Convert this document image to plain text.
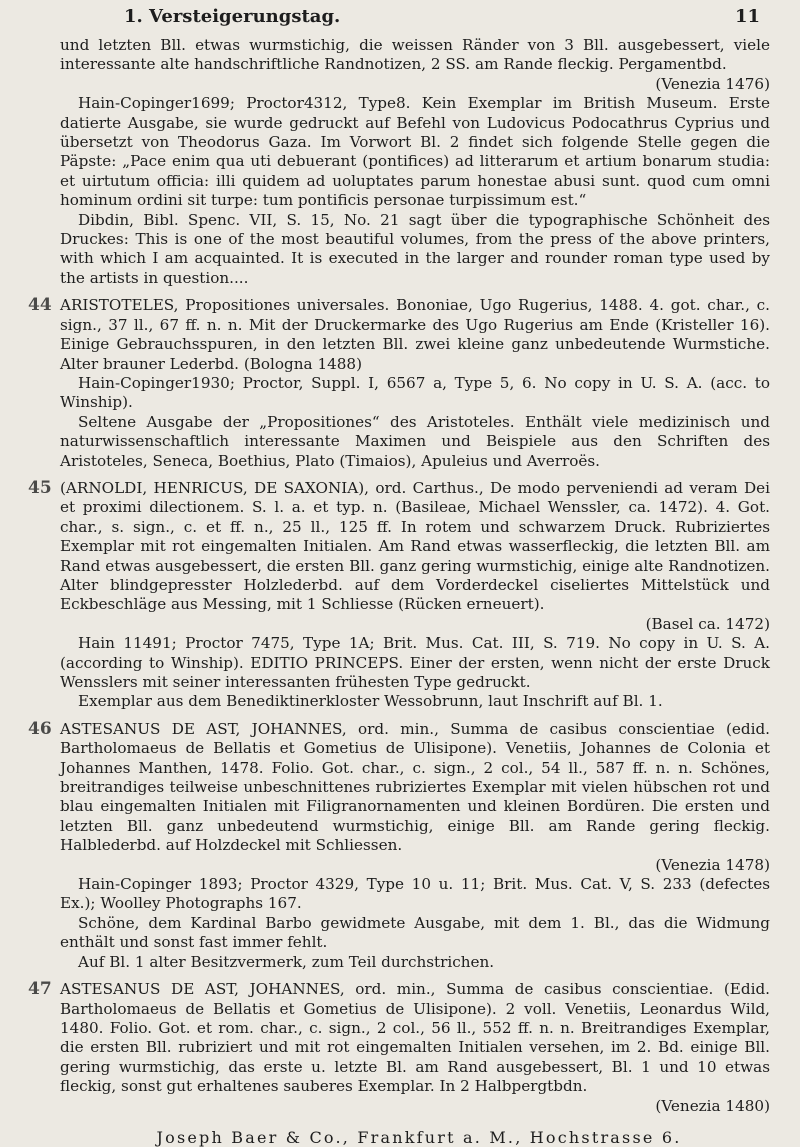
1. Versteigerungstag.	11

und letzten Bll. etwas wurmstichig, die weissen Ränder von 3 Bll. ausgebessert, viele interessante alte handschriftliche Randnotizen, 2 SS. am Rande fleckig. Pergamentbd.

(Venezia 1476)

Hain-Copinger1699; Proctor4312, Type8. Kein Exemplar im British Museum. Erste datierte Ausgabe, sie wurde gedruckt auf Befehl von Ludovicus Podocathrus Cyprius und übersetzt von Theodorus Gaza. Im Vorwort Bl. 2 findet sich folgende Stelle gegen die Päpste: „Pace enim qua uti debuerant (pontifices) ad litterarum et artium bonarum studia: et uirtutum officia: illi quidem ad uoluptates parum honestae abusi sunt. quod cum omni hominum ordini sit turpe: tum pontificis personae turpissimum est.“

Dibdin, Bibl. Spenc. VII, S. 15, No. 21 sagt über die typographische Schönheit des Druckes: This is one of the most beautiful volumes, from the press of the above printers, with which I am acquainted. It is executed in the larger and rounder roman type used by the artists in question....

44 ARISTOTELES, Propositiones universales. Bononiae, Ugo Rugerius, 1488. 4. got. char., c. sign., 37 ll., 67 ff. n. n. Mit der Druckermarke des Ugo Rugerius am Ende (Kristeller 16). Einige Gebrauchsspuren, in den letzten Bll. zwei kleine ganz unbedeutende Wurmstiche. Alter brauner Lederbd. (Bologna 1488)

Hain-Copinger1930; Proctor, Suppl. I, 6567 a, Type 5, 6. No copy in U. S. A. (acc. to Winship).

Seltene Ausgabe der „Propositiones“ des Aristoteles. Enthält viele medizinisch und naturwissenschaftlich interessante Maximen und Beispiele aus den Schriften des Aristoteles, Seneca, Boethius, Plato (Timaios), Apuleius und Averroës.

45 (ARNOLDI, HENRICUS, DE SAXONIA), ord. Carthus., De modo perveniendi ad veram Dei et proximi dilectionem. S. l. a. et typ. n. (Basileae, Michael Wenssler, ca. 1472). 4. Got. char., s. sign., c. et ff. n., 25 ll., 125 ff. In rotem und schwarzem Druck. Rubriziertes Exemplar mit rot eingemalten Initialen. Am Rand etwas wasserfleckig, die letzten Bll. am Rand etwas ausgebessert, die ersten Bll. ganz gering wurmstichig, einige alte Randnotizen. Alter blindgepresster Holzlederbd. auf dem Vorderdeckel ciseliertes Mittelstück und Eckbeschläge aus Messing, mit 1 Schliesse (Rücken erneuert).

(Basel ca. 1472)

Hain 11491; Proctor 7475, Type 1A; Brit. Mus. Cat. III, S. 719. No copy in U. S. A. (according to Winship). EDITIO PRINCEPS. Einer der ersten, wenn nicht der erste Druck Wensslers mit seiner interessanten frühesten Type gedruckt.

Exemplar aus dem Benediktinerkloster Wessobrunn, laut Inschrift auf Bl. 1.

46 ASTESANUS DE AST, JOHANNES, ord. min., Summa de casibus conscientiae (edid. Bartholomaeus de Bellatis et Gometius de Ulisipone). Venetiis, Johannes de Colonia et Johannes Manthen, 1478. Folio. Got. char., c. sign., 2 col., 54 ll., 587 ff. n. n. Schönes, breitrandiges teilweise unbeschnittenes rubriziertes Exemplar mit vielen hübschen rot und blau eingemalten Initialen mit Filigranornamenten und kleinen Bordüren. Die ersten und letzten Bll. ganz unbedeutend wurmstichig, einige Bll. am Rande gering fleckig. Halblederbd. auf Holzdeckel mit Schliessen.

(Venezia 1478)

Hain-Copinger 1893; Proctor 4329, Type 10 u. 11; Brit. Mus. Cat. V, S. 233 (defectes Ex.); Woolley Photographs 167.

Schöne, dem Kardinal Barbo gewidmete Ausgabe, mit dem 1. Bl., das die Widmung enthält und sonst fast immer fehlt.

Auf Bl. 1 alter Besitzvermerk, zum Teil durchstrichen.

47 ASTESANUS DE AST, JOHANNES, ord. min., Summa de casibus conscientiae. (Edid. Bartholomaeus de Bellatis et Gometius de Ulisipone). 2 voll. Venetiis, Leonardus Wild, 1480. Folio. Got. et rom. char., c. sign., 2 col., 56 ll., 552 ff. n. n. Breitrandiges Exemplar, die ersten Bll. rubriziert und mit rot eingemalten Initialen versehen, im 2. Bd. einige Bll. gering wurmstichig, das erste u. letzte Bl. am Rand ausgebessert, Bl. 1 und 10 etwas fleckig, sonst gut erhaltenes sauberes Exemplar. In 2 Halbpergtbdn.

(Venezia 1480)

Joseph Baer & Co., Frankfurt a. M., Hochstrasse 6.
